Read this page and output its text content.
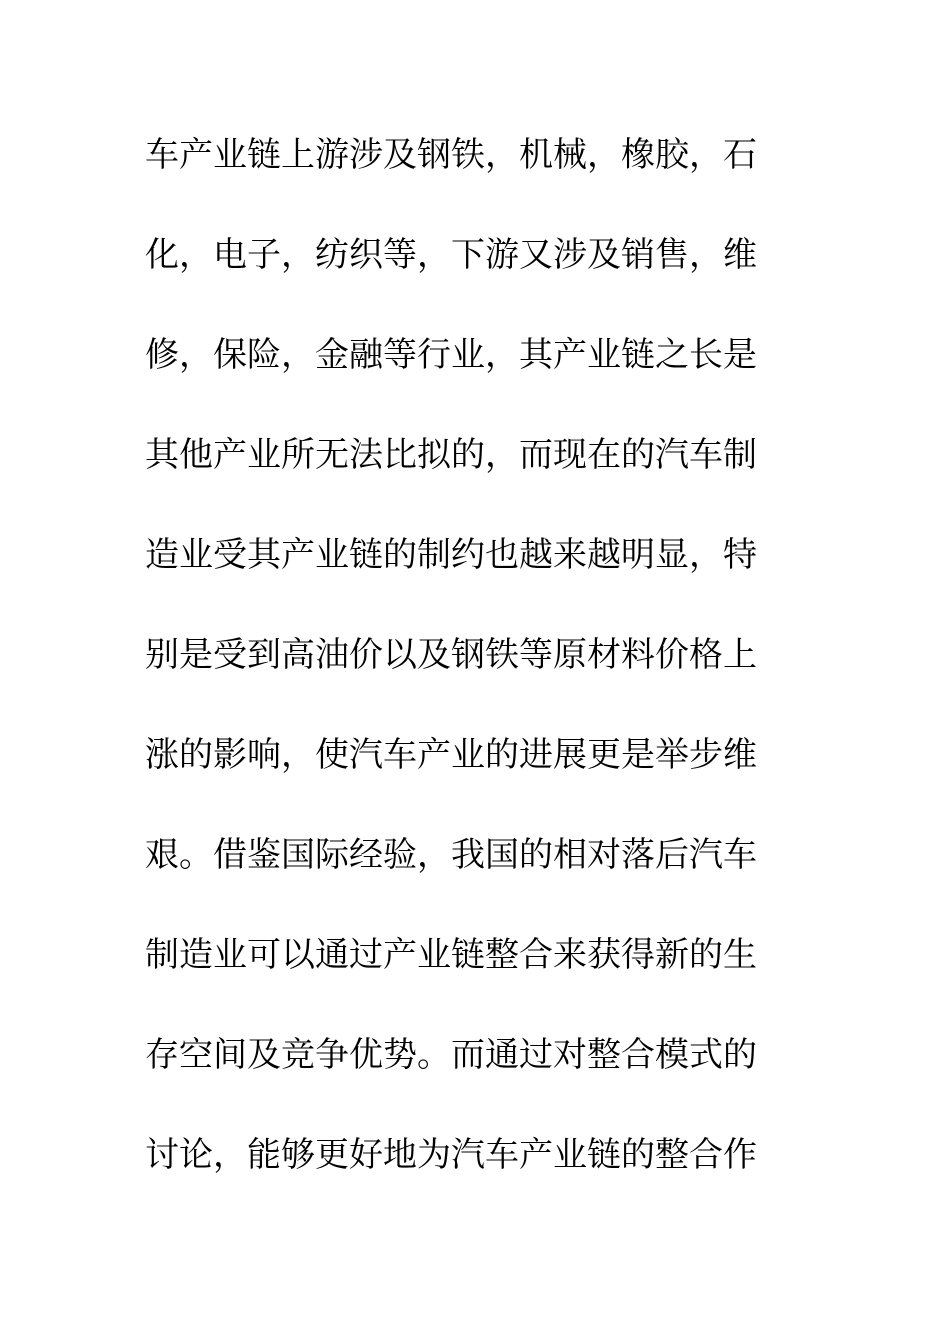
车产业链上游涉及钢铁，机械，橡胶，石
化，电子，纺织等，下游又涉及销售，维
修，保险，金融等行业，其产业链之长是
其他产业所无法比拟的，而现在的汽车制
造业受其产业链的制约也越来越明显，特
别是受到高油价以及钢铁等原材料价格上
涨的影响，使汽车产业的进展更是举步维
艰。借鉴国际经验，我国的相对落后汽车
制造业可以通过产业链整合来获得新的生
存空间及竞争优势。而通过对整合模式的
讨论，能够更好地为汽车产业链的整合作
